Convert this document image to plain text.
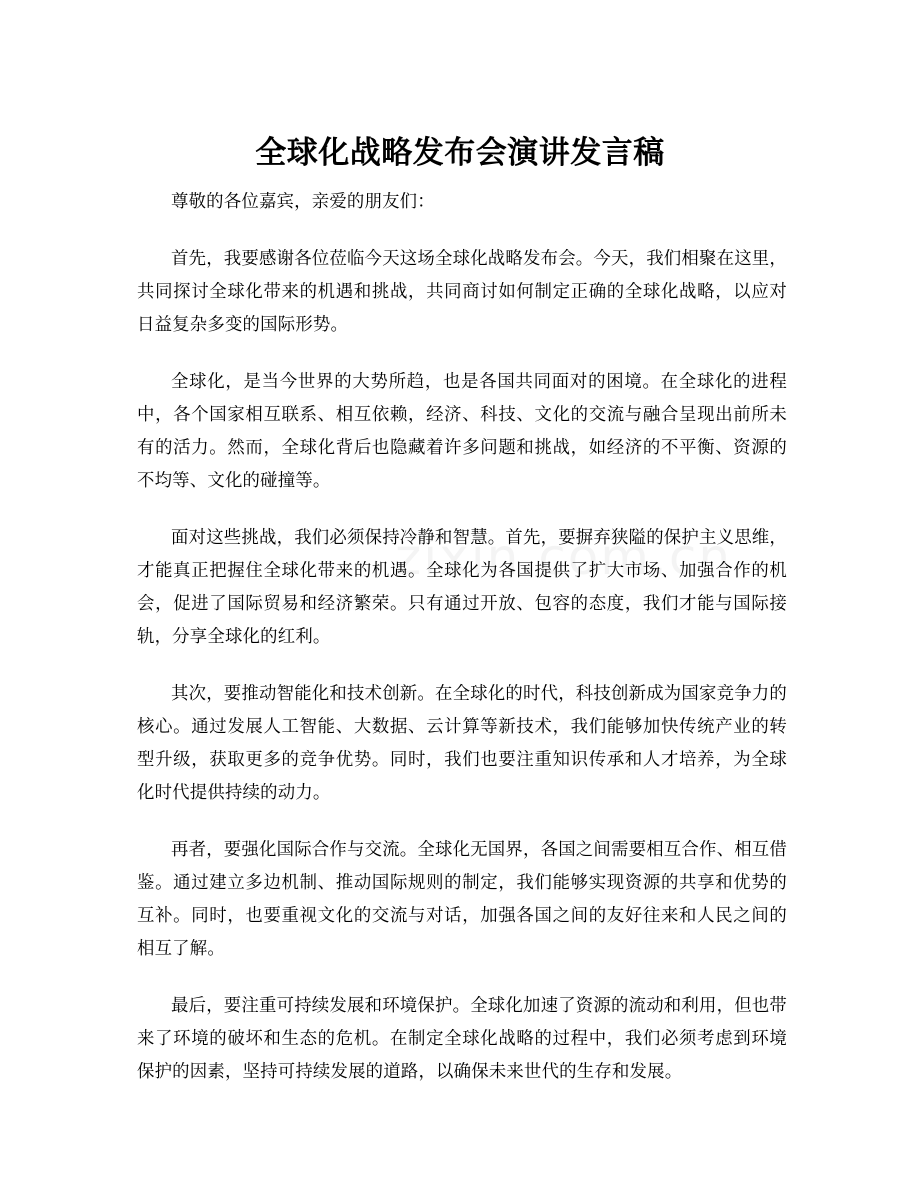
全球化战略发布会演讲发言稿

尊敬的各位嘉宾，亲爱的朋友们：

首先，我要感谢各位莅临今天这场全球化战略发布会。今天，我们相聚在这里，共同探讨全球化带来的机遇和挑战，共同商讨如何制定正确的全球化战略，以应对日益复杂多变的国际形势。

全球化，是当今世界的大势所趋，也是各国共同面对的困境。在全球化的进程中，各个国家相互联系、相互依赖，经济、科技、文化的交流与融合呈现出前所未有的活力。然而，全球化背后也隐藏着许多问题和挑战，如经济的不平衡、资源的不均等、文化的碰撞等。

面对这些挑战，我们必须保持冷静和智慧。首先，要摒弃狭隘的保护主义思维，才能真正把握住全球化带来的机遇。全球化为各国提供了扩大市场、加强合作的机会，促进了国际贸易和经济繁荣。只有通过开放、包容的态度，我们才能与国际接轨，分享全球化的红利。

其次，要推动智能化和技术创新。在全球化的时代，科技创新成为国家竞争力的核心。通过发展人工智能、大数据、云计算等新技术，我们能够加快传统产业的转型升级，获取更多的竞争优势。同时，我们也要注重知识传承和人才培养，为全球化时代提供持续的动力。

再者，要强化国际合作与交流。全球化无国界，各国之间需要相互合作、相互借鉴。通过建立多边机制、推动国际规则的制定，我们能够实现资源的共享和优势的互补。同时，也要重视文化的交流与对话，加强各国之间的友好往来和人民之间的相互了解。

最后，要注重可持续发展和环境保护。全球化加速了资源的流动和利用，但也带来了环境的破坏和生态的危机。在制定全球化战略的过程中，我们必须考虑到环境保护的因素，坚持可持续发展的道路，以确保未来世代的生存和发展。
